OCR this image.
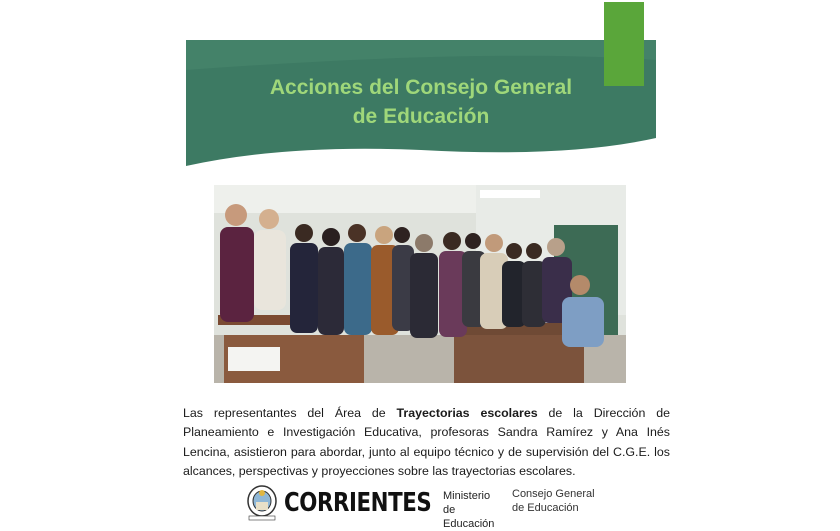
Acciones del Consejo General
de Educación

Las representantes del Área de Trayectorias escolares de la Dirección de Planeamiento e Investigación Educativa, profesoras Sandra Ramírez y Ana Inés Lencina, asistieron para abordar, junto al equipo técnico y de supervisión del C.G.E. los alcances, perspectivas y proyecciones sobre las trayectorias escolares.

CORRIENTES Ministerio de
Educación
Consejo General
de Educación
